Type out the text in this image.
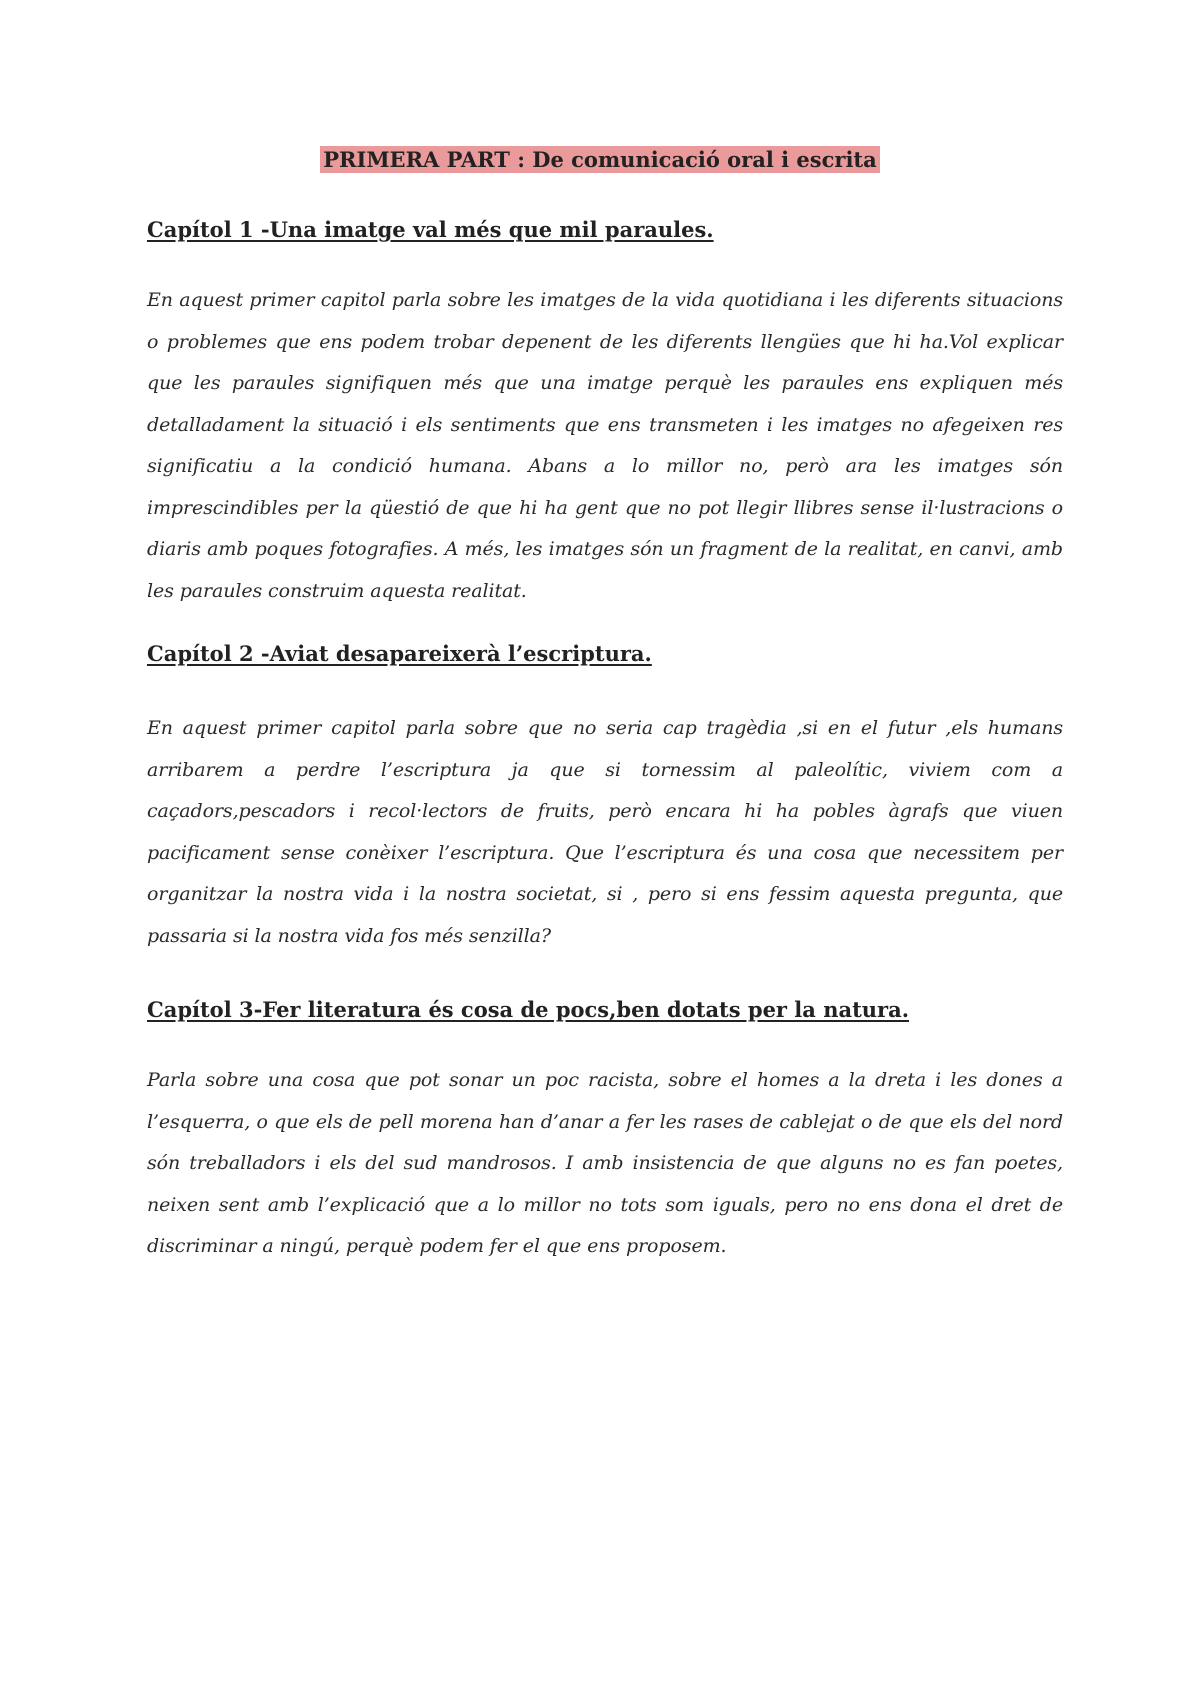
PRIMERA PART : De comunicació oral i escrita
Capítol 1 -Una imatge val més que mil paraules.

En aquest primer capitol parla sobre les imatges de la vida quotidiana i les diferents situacions o problemes que ens podem trobar depenent de les diferents llengües que hi ha.Vol explicar que les paraules signifiquen més que una imatge perquè les paraules ens expliquen més detalladament la situació i els sentiments que ens transmeten i les imatges no afegeixen res significatiu a la condició humana. Abans a lo millor no, però ara les imatges són imprescindibles per la qüestió de que hi ha gent que no pot llegir llibres sense il·lustracions o diaris amb poques fotografies. A més, les imatges són un fragment de la realitat, en canvi, amb les paraules construim aquesta realitat.

Capítol 2 -Aviat desapareixerà l’escriptura.

En aquest primer capitol parla sobre que no seria cap tragèdia ,si en el futur ,els humans arribarem a perdre l’escriptura ja que si tornessim al paleolític, viviem com a caçadors,pescadors i recol·lectors de fruits, però encara hi ha pobles àgrafs que viuen pacificament sense conèixer l’escriptura. Que l’escriptura és una cosa que necessitem per organitzar la nostra vida i la nostra societat, si , pero si ens fessim aquesta pregunta, que passaria si la nostra vida fos més senzilla?

Capítol 3-Fer literatura és cosa de pocs,ben dotats per la natura.

Parla sobre una cosa que pot sonar un poc racista, sobre el homes a la dreta i les dones a l’esquerra, o que els de pell morena han d’anar a fer les rases de cablejat o de que els del nord són treballadors i els del sud mandrosos. I amb insistencia de que alguns no es fan poetes, neixen sent amb l’explicació que a lo millor no tots som iguals, pero no ens dona el dret de discriminar a ningú, perquè podem fer el que ens proposem.
